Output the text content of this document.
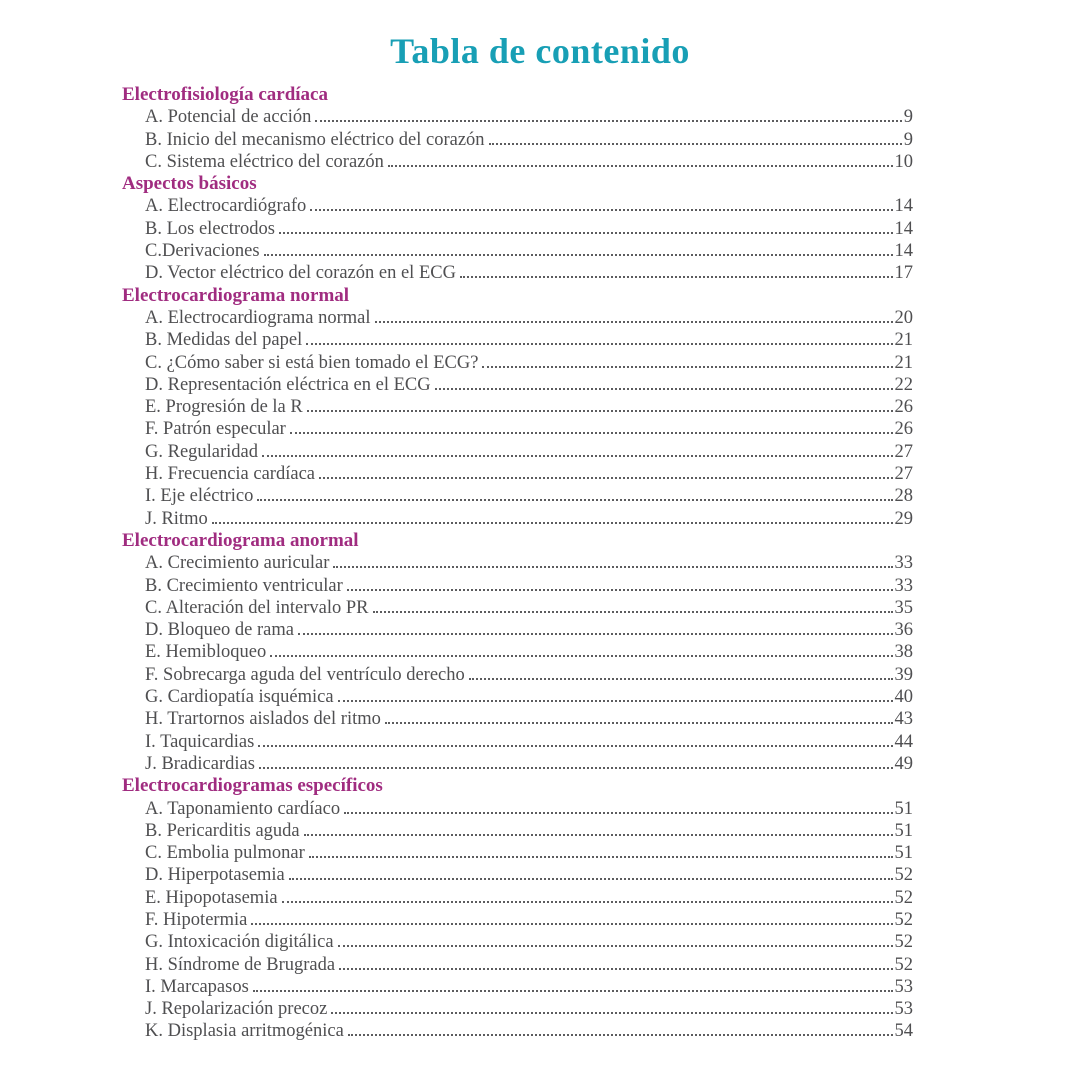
Tabla de contenido
Electrofisiología cardíaca
A. Potencial de acción	9
B. Inicio del mecanismo eléctrico del corazón	9
C. Sistema eléctrico del corazón	10
Aspectos básicos
A. Electrocardiógrafo	14
B. Los electrodos	14
C.Derivaciones	14
D. Vector eléctrico del corazón en el ECG	17
Electrocardiograma normal
A. Electrocardiograma normal	20
B. Medidas del papel	21
C. ¿Cómo saber si está bien tomado el ECG?	21
D. Representación eléctrica en el ECG	22
E. Progresión de la R	26
F. Patrón especular	26
G. Regularidad	27
H. Frecuencia cardíaca	27
I. Eje eléctrico	28
J. Ritmo	29
Electrocardiograma anormal
A. Crecimiento auricular	33
B. Crecimiento ventricular	33
C. Alteración del intervalo PR	35
D. Bloqueo de rama	36
E. Hemibloqueo	38
F. Sobrecarga aguda del ventrículo derecho	39
G. Cardiopatía isquémica	40
H. Trartornos aislados del ritmo	43
I. Taquicardias	44
J. Bradicardias	49
Electrocardiogramas específicos
A. Taponamiento cardíaco	51
B. Pericarditis aguda	51
C. Embolia pulmonar	51
D. Hiperpotasemia	52
E. Hipopotasemia	52
F. Hipotermia	52
G. Intoxicación digitálica	52
H. Síndrome de Brugrada	52
I. Marcapasos	53
J. Repolarización precoz	53
K. Displasia arritmogénica	54
